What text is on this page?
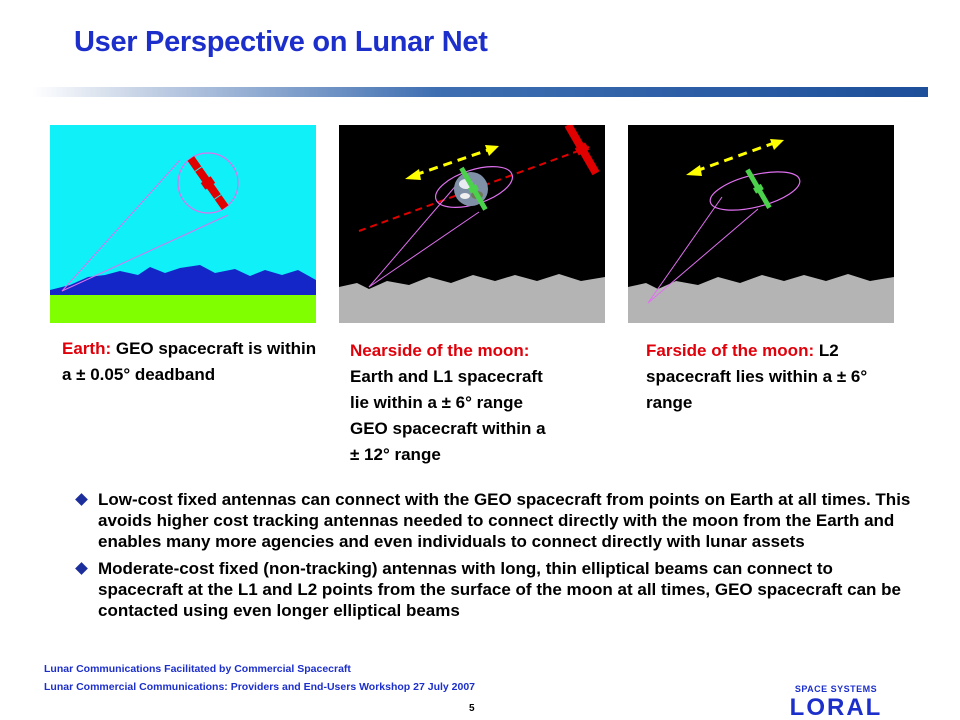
User Perspective on Lunar Net
Earth: GEO spacecraft is within a ± 0.05° deadband
Nearside of the moon:
Earth and L1 spacecraft
lie within a ± 6° range
GEO spacecraft within a
± 12° range
Farside of the moon: L2 spacecraft lies within a ± 6° range
Low-cost fixed antennas can connect with the GEO spacecraft from points on Earth at all times. This avoids higher cost tracking antennas needed to connect directly with the moon from the Earth and enables many more agencies and even individuals to connect directly with lunar assets
Moderate-cost fixed (non-tracking) antennas with long, thin elliptical beams can connect to spacecraft at the L1 and L2 points from the surface of the moon at all times, GEO spacecraft can be contacted using even longer elliptical beams
Lunar Communications Facilitated by Commercial Spacecraft
Lunar Commercial Communications: Providers and End-Users Workshop 27 July 2007
5
SPACE SYSTEMS
LORAL
